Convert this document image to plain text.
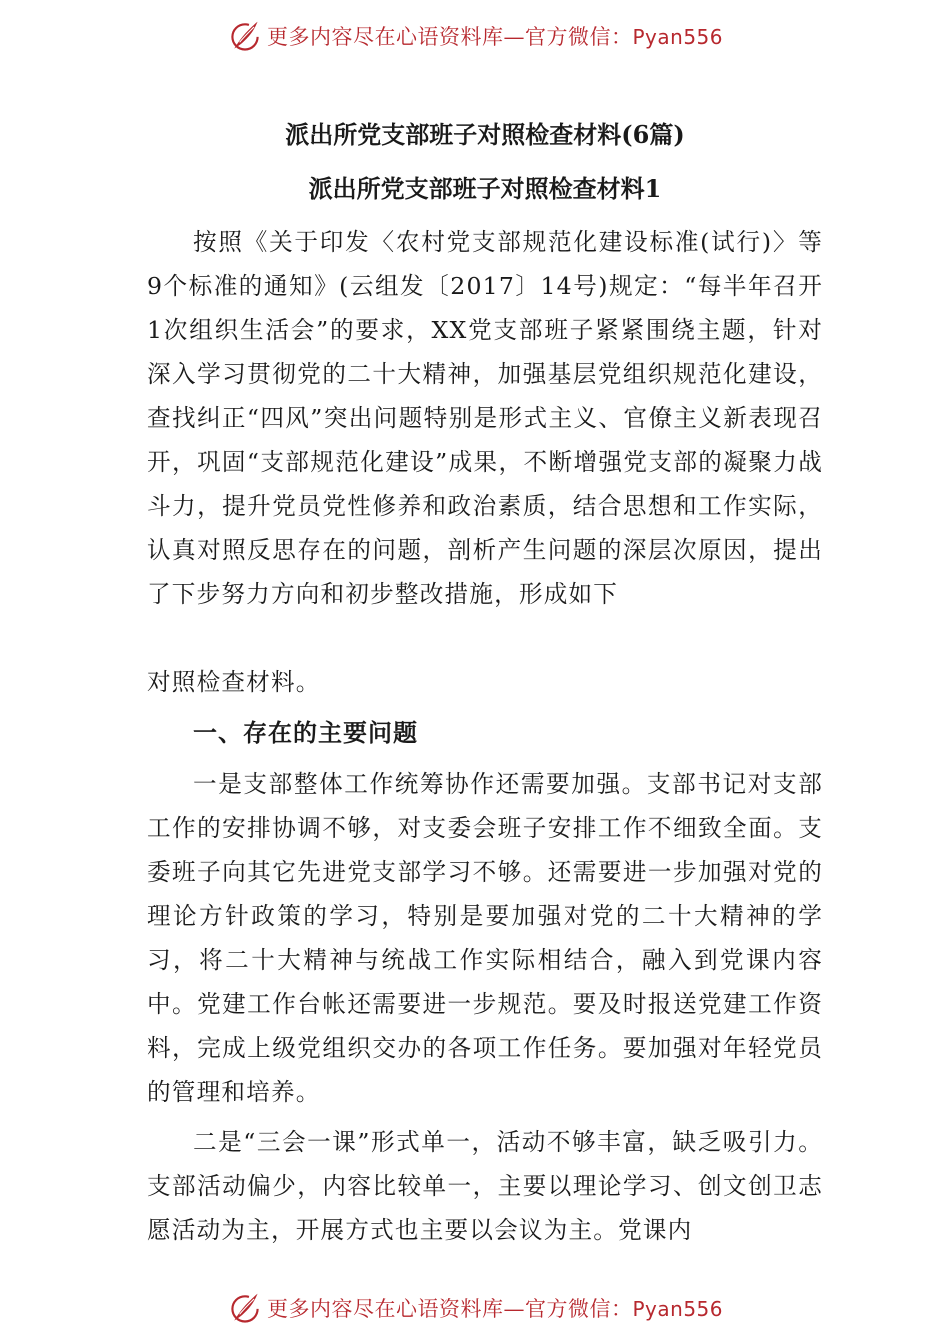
更多内容尽在心语资料库—官方微信：Pyan556
派出所党支部班子对照检查材料(6篇)
派出所党支部班子对照检查材料1

按照《关于印发〈农村党支部规范化建设标准(试行)〉等9个标准的通知》(云组发〔2017〕14号)规定：“每半年召开1次组织生活会”的要求，XX党支部班子紧紧围绕主题，针对深入学习贯彻党的二十大精神，加强基层党组织规范化建设，查找纠正“四风”突出问题特别是形式主义、官僚主义新表现召开，巩固“支部规范化建设”成果，不断增强党支部的凝聚力战斗力，提升党员党性修养和政治素质，结合思想和工作实际，认真对照反思存在的问题，剖析产生问题的深层次原因，提出了下步努力方向和初步整改措施，形成如下

对照检查材料。

一、存在的主要问题

一是支部整体工作统筹协作还需要加强。支部书记对支部工作的安排协调不够，对支委会班子安排工作不细致全面。支委班子向其它先进党支部学习不够。还需要进一步加强对党的理论方针政策的学习，特别是要加强对党的二十大精神的学习，将二十大精神与统战工作实际相结合，融入到党课内容中。党建工作台帐还需要进一步规范。要及时报送党建工作资料，完成上级党组织交办的各项工作任务。要加强对年轻党员的管理和培养。

二是“三会一课”形式单一，活动不够丰富，缺乏吸引力。支部活动偏少，内容比较单一，主要以理论学习、创文创卫志愿活动为主，开展方式也主要以会议为主。党课内

更多内容尽在心语资料库—官方微信：Pyan556
